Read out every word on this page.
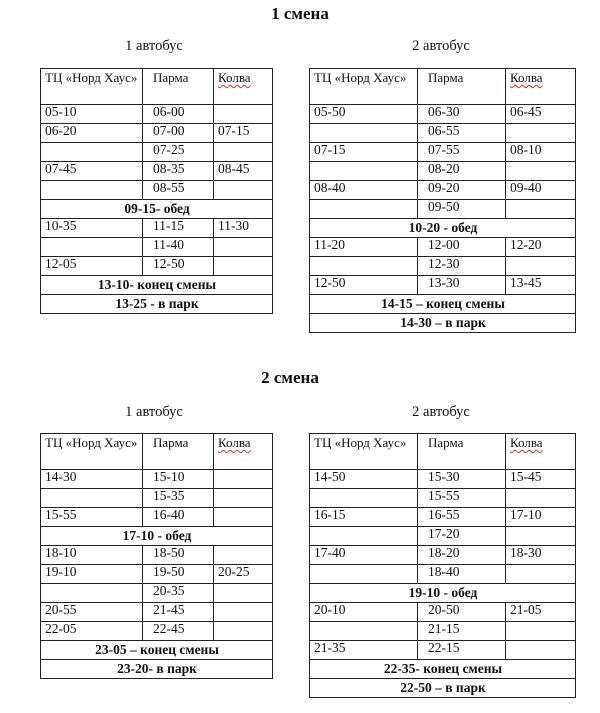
1 смена
1 автобус	2 автобус
ТЦ «Норд Хаус»	Парма	Колва
05-10	06-00	
06-20	07-00	07-15
	07-25	
07-45	08-35	08-45
	08-55	
09-15- обед		
10-35	11-15	11-30
	11-40	
12-05	12-50	
13-10- конец смены		
13-25 - в парк		
ТЦ «Норд Хаус»	Парма	Колва
05-50	06-30	06-45
	06-55	
07-15	07-55	08-10
	08-20	
08-40	09-20	09-40
	09-50	
10-20 - обед		
11-20	12-00	12-20
	12-30	
12-50	13-30	13-45
14-15 – конец смены		
14-30 – в парк		
2 смена
1 автобус	2 автобус
ТЦ «Норд Хаус»	Парма	Колва
14-30	15-10	
	15-35	
15-55	16-40	
17-10 - обед		
18-10	18-50	
19-10	19-50	20-25
	20-35	
20-55	21-45	
22-05	22-45	
23-05 – конец смены		
23-20- в парк		
ТЦ «Норд Хаус»	Парма	Колва
14-50	15-30	15-45
	15-55	
16-15	16-55	17-10
	17-20	
17-40	18-20	18-30
	18-40	
19-10 - обед		
20-10	20-50	21-05
	21-15	
21-35	22-15	
22-35- конец смены		
22-50 – в парк		
